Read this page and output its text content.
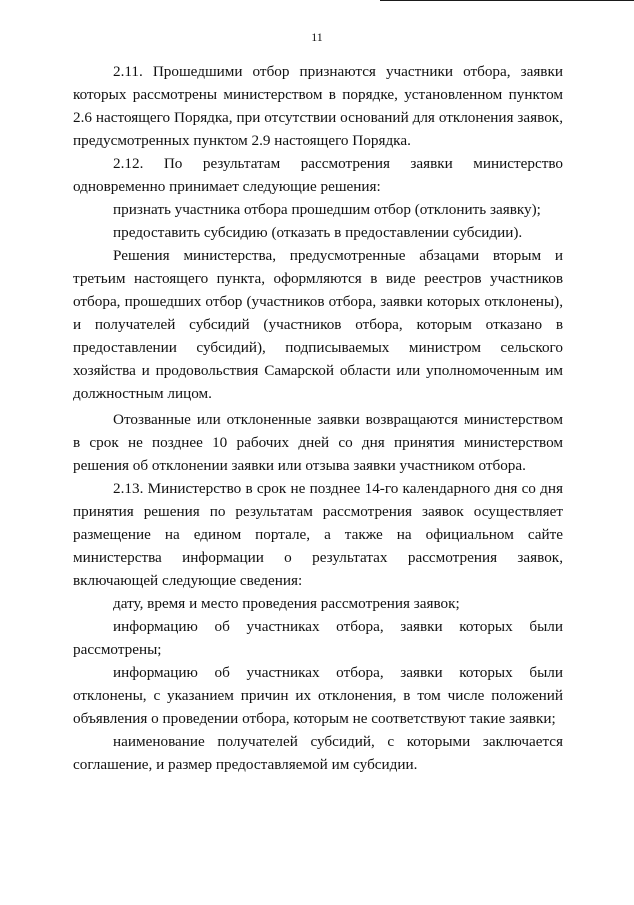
11

2.11. Прошедшими отбор признаются участники отбора, заявки которых рассмотрены министерством в порядке, установленном пунктом 2.6 настоящего Порядка, при отсутствии оснований для отклонения заявок, предусмотренных пунктом 2.9 настоящего Порядка.

2.12. По результатам рассмотрения заявки министерство одновременно принимает следующие решения:

признать участника отбора прошедшим отбор (отклонить заявку);

предоставить субсидию (отказать в предоставлении субсидии).

Решения министерства, предусмотренные абзацами вторым и третьим настоящего пункта, оформляются в виде реестров участников отбора, прошедших отбор (участников отбора, заявки которых отклонены), и получателей субсидий (участников отбора, которым отказано в предоставлении субсидий), подписываемых министром сельского хозяйства и продовольствия Самарской области или уполномоченным им должностным лицом.

Отозванные или отклоненные заявки возвращаются министерством в срок не позднее 10 рабочих дней со дня принятия министерством решения об отклонении заявки или отзыва заявки участником отбора.

2.13. Министерство в срок не позднее 14-го календарного дня со дня принятия решения по результатам рассмотрения заявок осуществляет размещение на едином портале, а также на официальном сайте министерства информации о результатах рассмотрения заявок, включающей следующие сведения:

дату, время и место проведения рассмотрения заявок;

информацию об участниках отбора, заявки которых были рассмотрены;

информацию об участниках отбора, заявки которых были отклонены, с указанием причин их отклонения, в том числе положений объявления о проведении отбора, которым не соответствуют такие заявки;

наименование получателей субсидий, с которыми заключается соглашение, и размер предоставляемой им субсидии.
